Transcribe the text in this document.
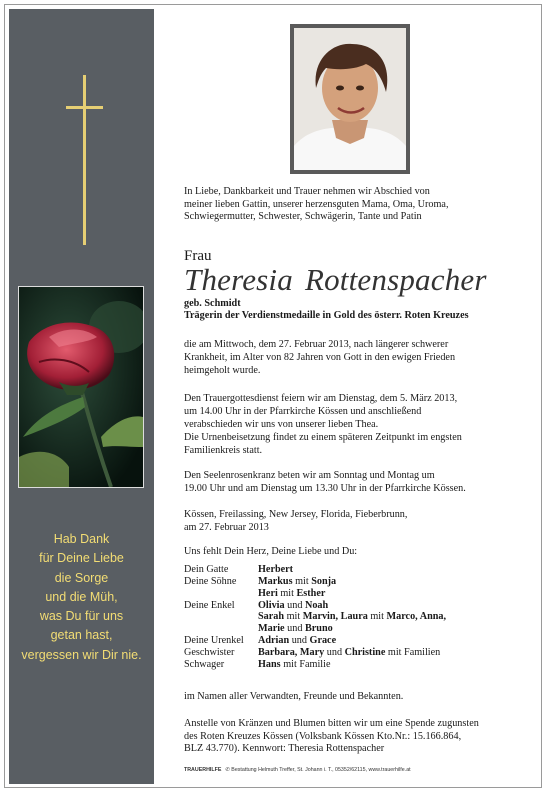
Hab Dank
für Deine Liebe
die Sorge
und die Müh,
was Du für uns
getan hast,
vergessen wir Dir nie.
In Liebe, Dankbarkeit und Trauer nehmen wir Abschied von
meiner lieben Gattin, unserer herzensguten Mama, Oma, Uroma,
Schwiegermutter, Schwester, Schwägerin, Tante und Patin
Frau
Theresia Rottenspacher
geb. Schmidt
Trägerin der Verdienstmedaille in Gold des österr. Roten Kreuzes
die am Mittwoch, dem 27. Februar 2013, nach längerer schwerer
Krankheit, im Alter von 82 Jahren von Gott in den ewigen Frieden
heimgeholt wurde.
Den Trauergottesdienst feiern wir am Dienstag, dem 5. März 2013,
um 14.00 Uhr in der Pfarrkirche Kössen und anschließend
verabschieden wir uns von unserer lieben Thea.
Die Urnenbeisetzung findet zu einem späteren Zeitpunkt im engsten
Familienkreis statt.
Den Seelenrosenkranz beten wir am Sonntag und Montag um
19.00 Uhr und am Dienstag um 13.30 Uhr in der Pfarrkirche Kössen.
Kössen, Freilassing, New Jersey, Florida, Fieberbrunn,
am 27. Februar 2013
Uns fehlt Dein Herz, Deine Liebe und Du:
Dein Gatte	Herbert
Deine Söhne Markus mit Sonja
Heri mit Esther
Deine Enkel Olivia und Noah
Sarah mit Marvin, Laura mit Marco, Anna,
Marie und Bruno
Deine Urenkel Adrian und Grace
Geschwister Barbara, Mary und Christine mit Familien
Schwager	Hans mit Familie
im Namen aller Verwandten, Freunde und Bekannten.
Anstelle von Kränzen und Blumen bitten wir um eine Spende zugunsten
des Roten Kreuzes Kössen (Volksbank Kössen Kto.Nr.: 15.166.864,
BLZ 43.770). Kennwort: Theresia Rottenspacher
TRAUERHILFE ✆ Bestattung Helmuth Treffer, St. Johann i. T., 05352/62115, www.trauerhilfe.at
